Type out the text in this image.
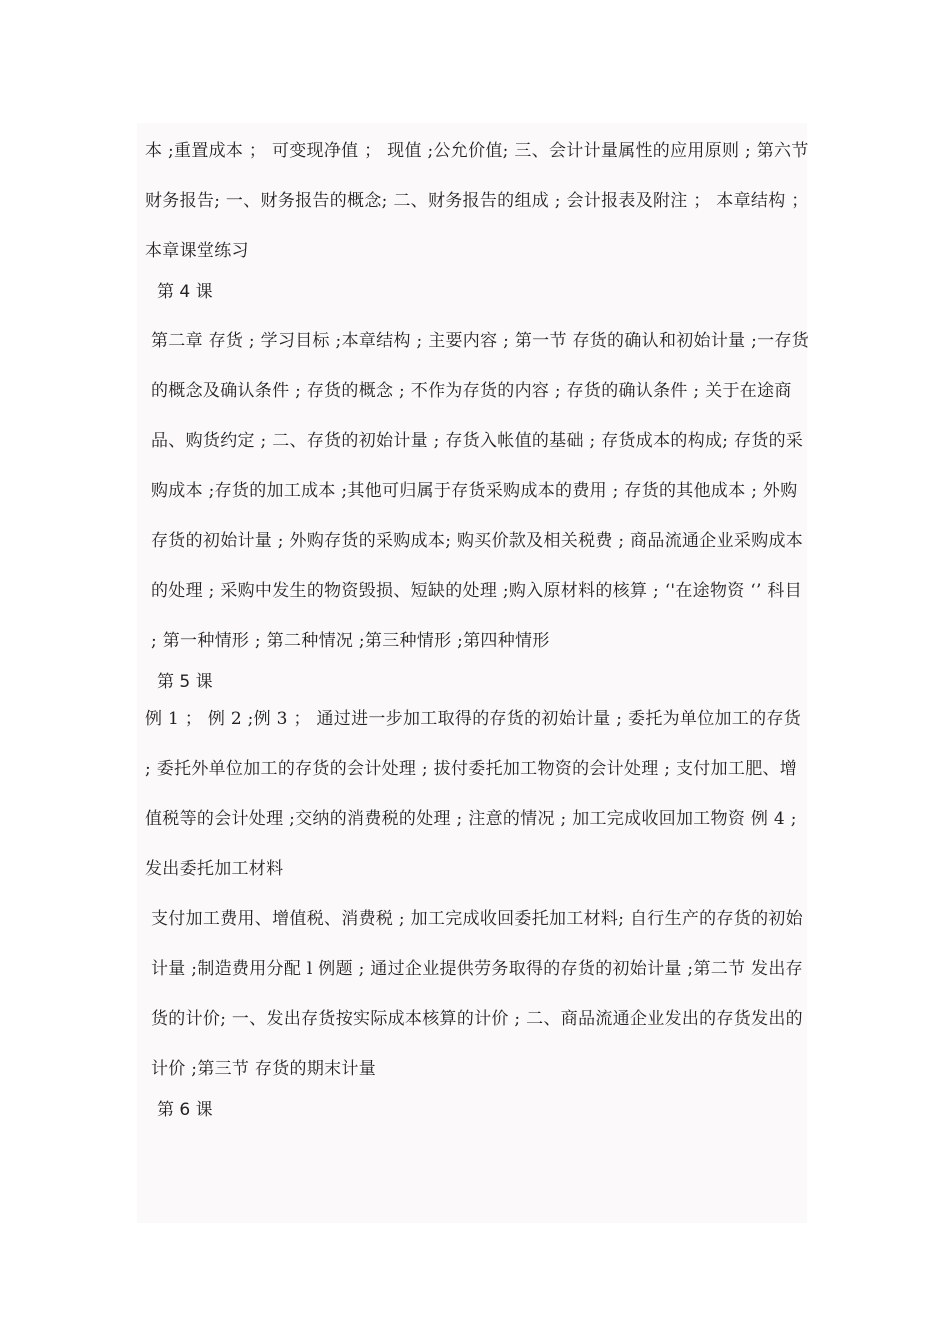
本 ;重置成本 ； 可变现净值 ； 现值 ;公允价值; 三、会计计量属性的应用原则 ; 第六节 财务报告; 一、财务报告的概念; 二、财务报告的组成 ; 会计报表及附注 ； 本章结构 ； 本章课堂练习

第 4 课

第二章 存货 ; 学习目标 ;本章结构 ; 主要内容 ; 第一节 存货的确认和初始计量 ;一存货的概念及确认条件 ; 存货的概念 ; 不作为存货的内容 ; 存货的确认条件 ; 关于在途商品、购货约定 ; 二、存货的初始计量 ; 存货入帐值的基础 ; 存货成本的构成; 存货的采购成本 ;存货的加工成本 ;其他可归属于存货采购成本的费用 ; 存货的其他成本 ; 外购存货的初始计量 ; 外购存货的采购成本; 购买价款及相关税费 ; 商品流通企业采购成本的处理 ; 采购中发生的物资毁损、短缺的处理 ;购入原材料的核算 ; ‘'在途物资 ‘’ 科目 ; 第一种情形 ; 第二种情况 ;第三种情形 ;第四种情形

第 5 课

例 1 ； 例 2 ;例 3 ； 通过进一步加工取得的存货的初始计量 ; 委托为单位加工的存货 ; 委托外单位加工的存货的会计处理 ; 拔付委托加工物资的会计处理 ; 支付加工肥、增值税等的会计处理 ;交纳的消费税的处理 ; 注意的情况 ; 加工完成收回加工物资 例 4 ;发出委托加工材料

支付加工费用、增值税、消费税 ; 加工完成收回委托加工材料; 自行生产的存货的初始计量 ;制造费用分配 l 例题 ; 通过企业提供劳务取得的存货的初始计量 ;第二节 发出存货的计价; 一、发出存货按实际成本核算的计价 ; 二、商品流通企业发出的存货发出的计价 ;第三节 存货的期末计量

第 6 课
